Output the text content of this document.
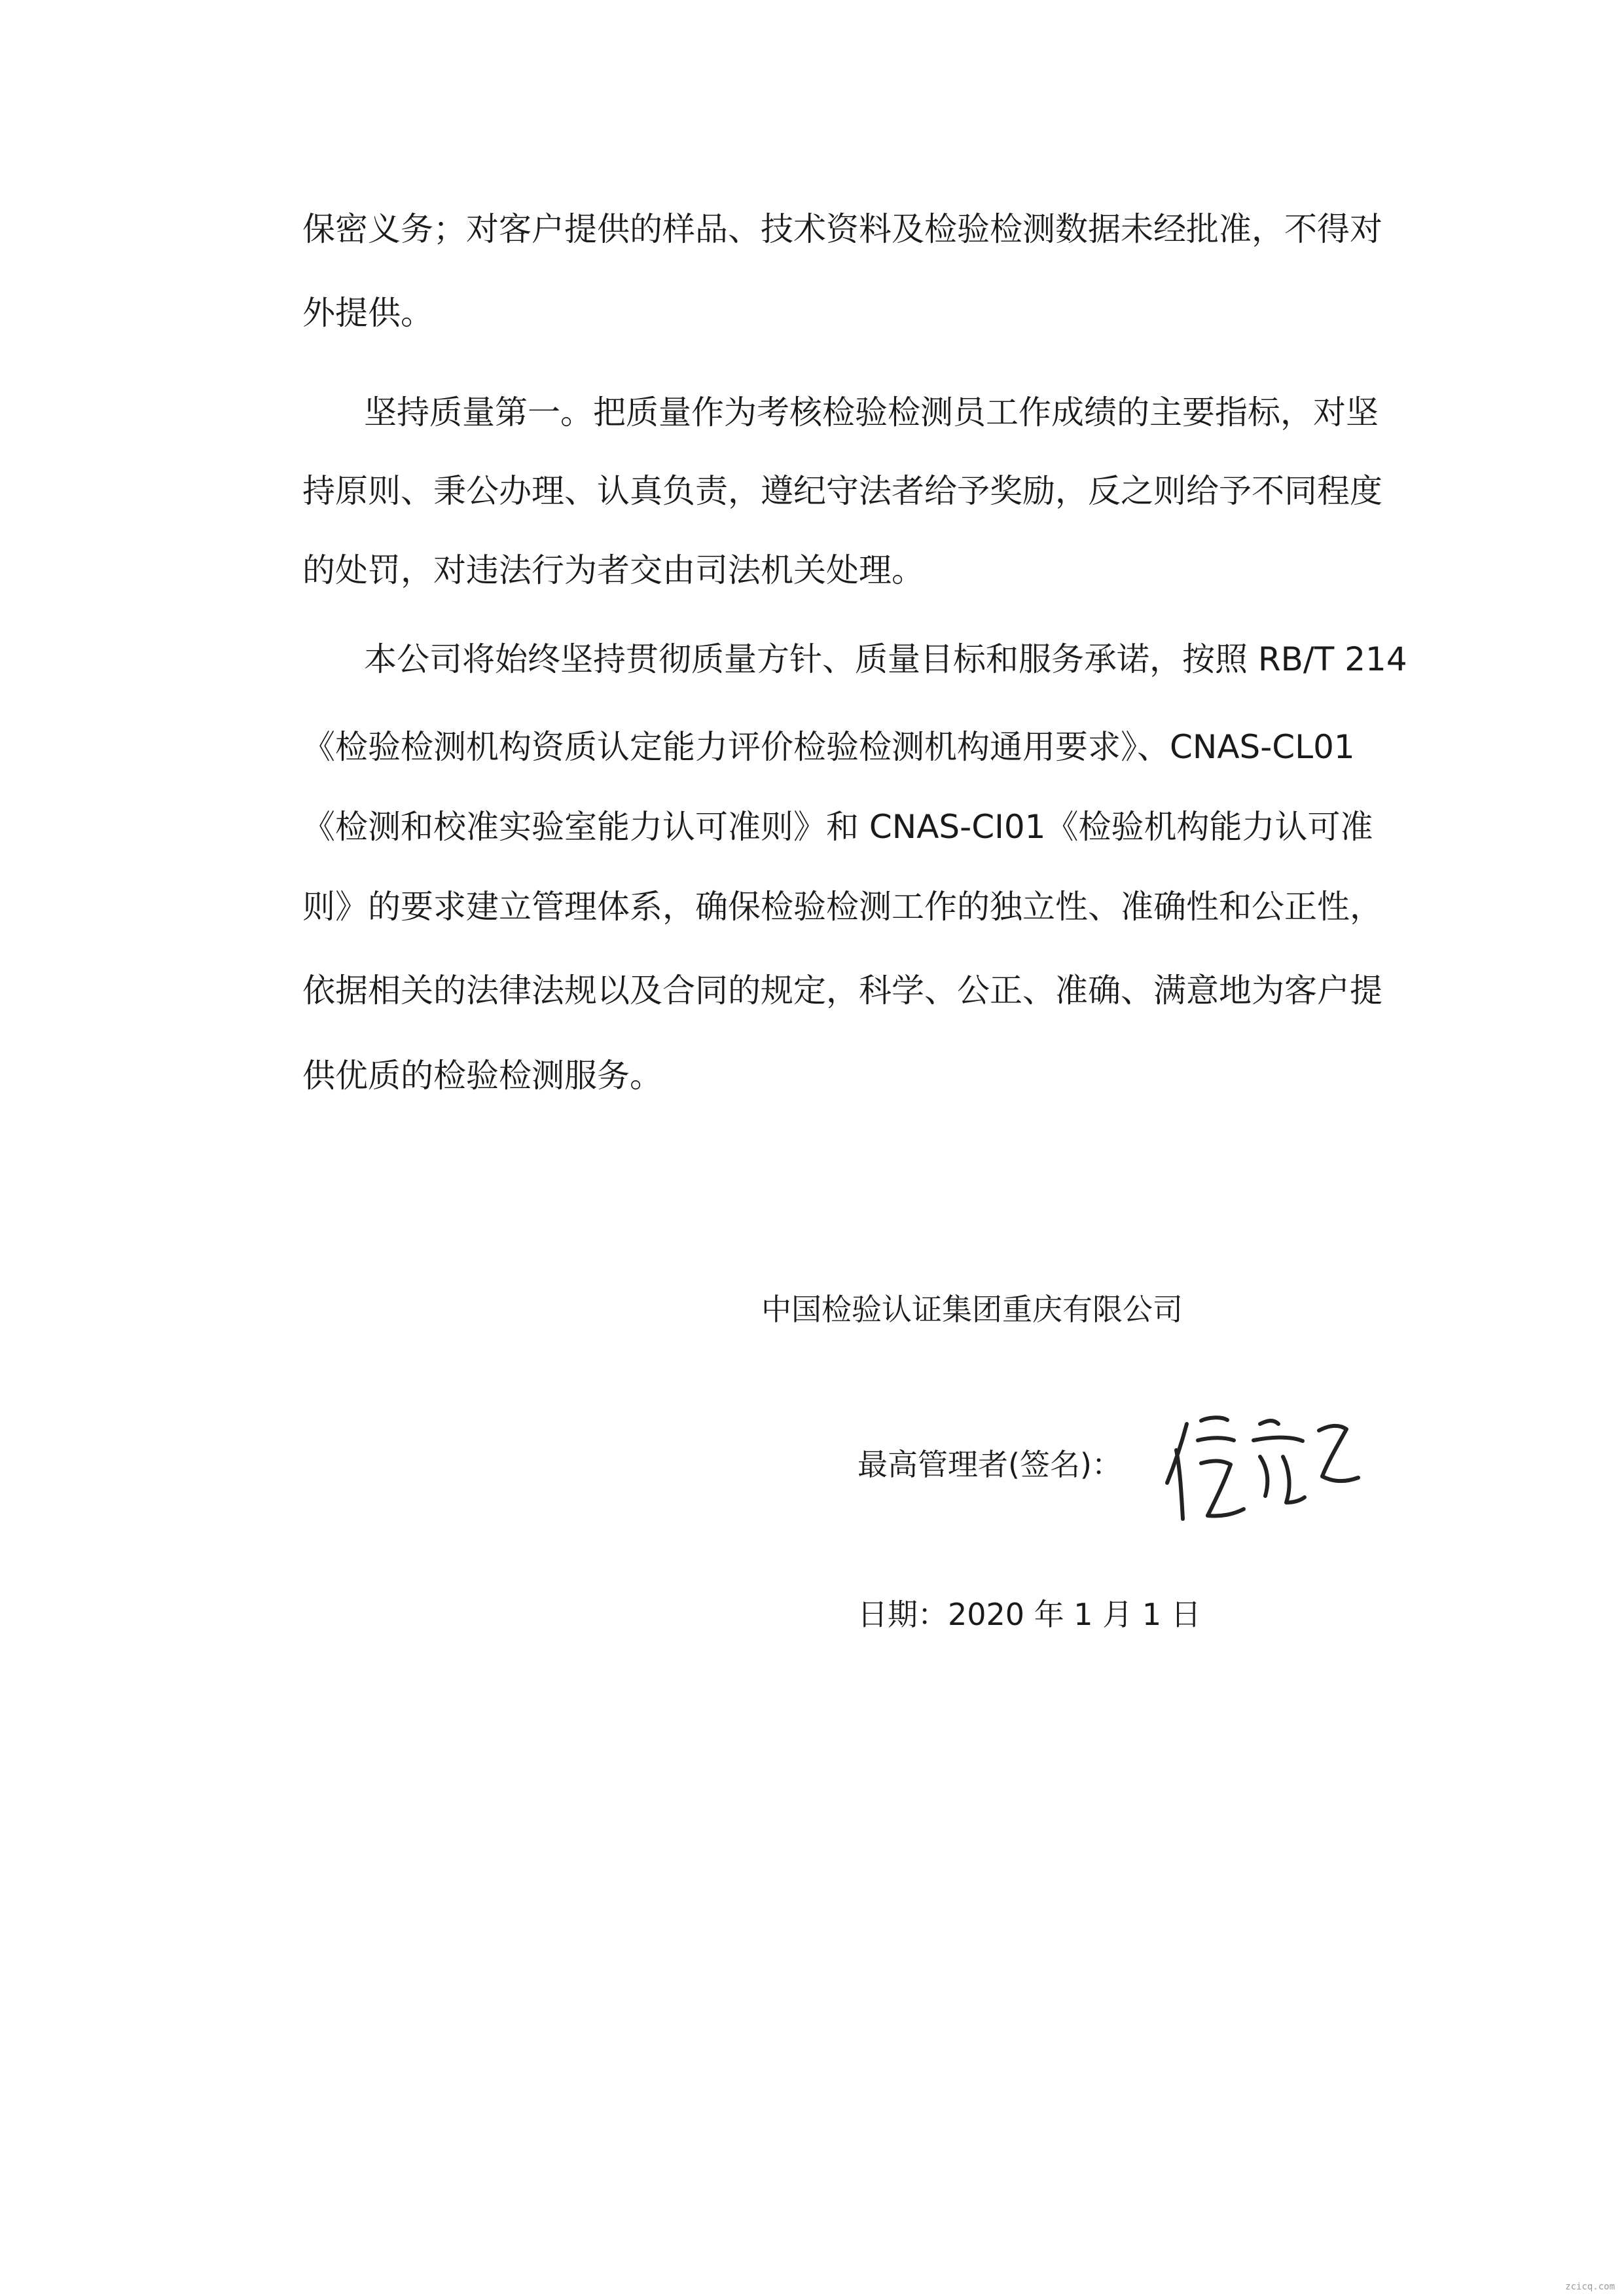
保密义务；对客户提供的样品、技术资料及检验检测数据未经批准，不得对
外提供。
坚持质量第一。把质量作为考核检验检测员工作成绩的主要指标，对坚
持原则、秉公办理、认真负责，遵纪守法者给予奖励，反之则给予不同程度
的处罚，对违法行为者交由司法机关处理。
本公司将始终坚持贯彻质量方针、质量目标和服务承诺，按照 RB/T 214
《检验检测机构资质认定能力评价检验检测机构通用要求》、CNAS-CL01
《检测和校准实验室能力认可准则》和 CNAS-CI01《检验机构能力认可准
则》的要求建立管理体系，确保检验检测工作的独立性、准确性和公正性，
依据相关的法律法规以及合同的规定，科学、公正、准确、满意地为客户提
供优质的检验检测服务。
中国检验认证集团重庆有限公司
最高管理者(签名)：
倪宏飞
日期：2020 年 1 月 1 日
zcicq.com
